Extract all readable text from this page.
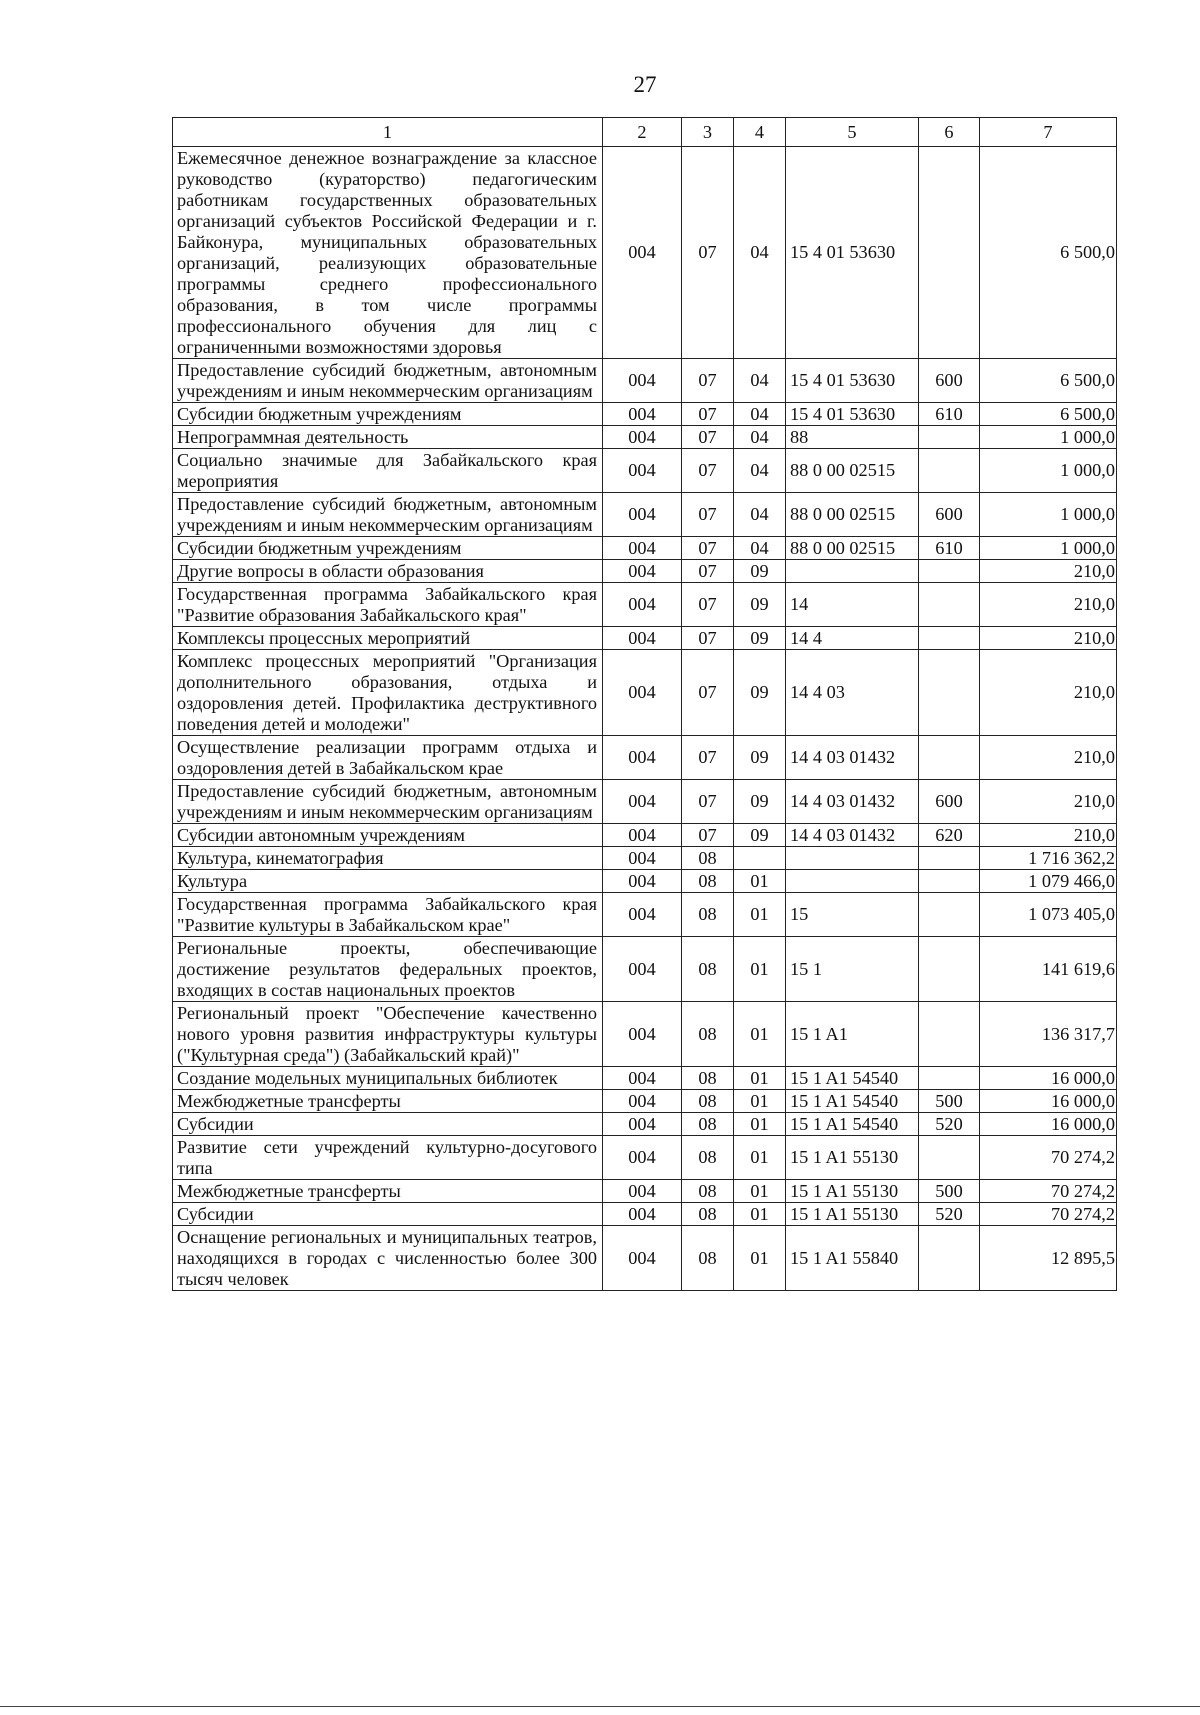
27
1	2	3	4	5	6	7
Ежемесячное денежное вознаграждение за классное руководство (кураторство) педагогическим работникам государственных образовательных организаций субъектов Российской Федерации и г. Байконура, муниципальных образовательных организаций, реализующих образовательные программы среднего профессионального образования, в том числе программы профессионального обучения для лиц с ограниченными возможностями здоровья	004	07	04	15 4 01 53630		6 500,0
Предоставление субсидий бюджетным, автономным учреждениям и иным некоммерческим организациям	004	07	04	15 4 01 53630	600	6 500,0
Субсидии бюджетным учреждениям	004	07	04	15 4 01 53630	610	6 500,0
Непрограммная деятельность	004	07	04	88		1 000,0
Социально значимые для Забайкальского края мероприятия	004	07	04	88 0 00 02515		1 000,0
Предоставление субсидий бюджетным, автономным учреждениям и иным некоммерческим организациям	004	07	04	88 0 00 02515	600	1 000,0
Субсидии бюджетным учреждениям	004	07	04	88 0 00 02515	610	1 000,0
Другие вопросы в области образования	004	07	09			210,0
Государственная программа Забайкальского края "Развитие образования Забайкальского края"	004	07	09	14		210,0
Комплексы процессных мероприятий	004	07	09	14 4		210,0
Комплекс процессных мероприятий "Организация дополнительного образования, отдыха и оздоровления детей. Профилактика деструктивного поведения детей и молодежи"	004	07	09	14 4 03		210,0
Осуществление реализации программ отдыха и оздоровления детей в Забайкальском крае	004	07	09	14 4 03 01432		210,0
Предоставление субсидий бюджетным, автономным учреждениям и иным некоммерческим организациям	004	07	09	14 4 03 01432	600	210,0
Субсидии автономным учреждениям	004	07	09	14 4 03 01432	620	210,0
Культура, кинематография	004	08				1 716 362,2
Культура	004	08	01			1 079 466,0
Государственная программа Забайкальского края "Развитие культуры в Забайкальском крае"	004	08	01	15		1 073 405,0
Региональные проекты, обеспечивающие достижение результатов федеральных проектов, входящих в состав национальных проектов	004	08	01	15 1		141 619,6
Региональный проект "Обеспечение качественно нового уровня развития инфраструктуры культуры ("Культурная среда") (Забайкальский край)"	004	08	01	15 1 A1		136 317,7
Создание модельных муниципальных библиотек	004	08	01	15 1 A1 54540		16 000,0
Межбюджетные трансферты	004	08	01	15 1 A1 54540	500	16 000,0
Субсидии	004	08	01	15 1 A1 54540	520	16 000,0
Развитие сети учреждений культурно-досугового типа	004	08	01	15 1 A1 55130		70 274,2
Межбюджетные трансферты	004	08	01	15 1 A1 55130	500	70 274,2
Субсидии	004	08	01	15 1 A1 55130	520	70 274,2
Оснащение региональных и муниципальных театров, находящихся в городах с численностью более 300 тысяч человек	004	08	01	15 1 A1 55840		12 895,5
